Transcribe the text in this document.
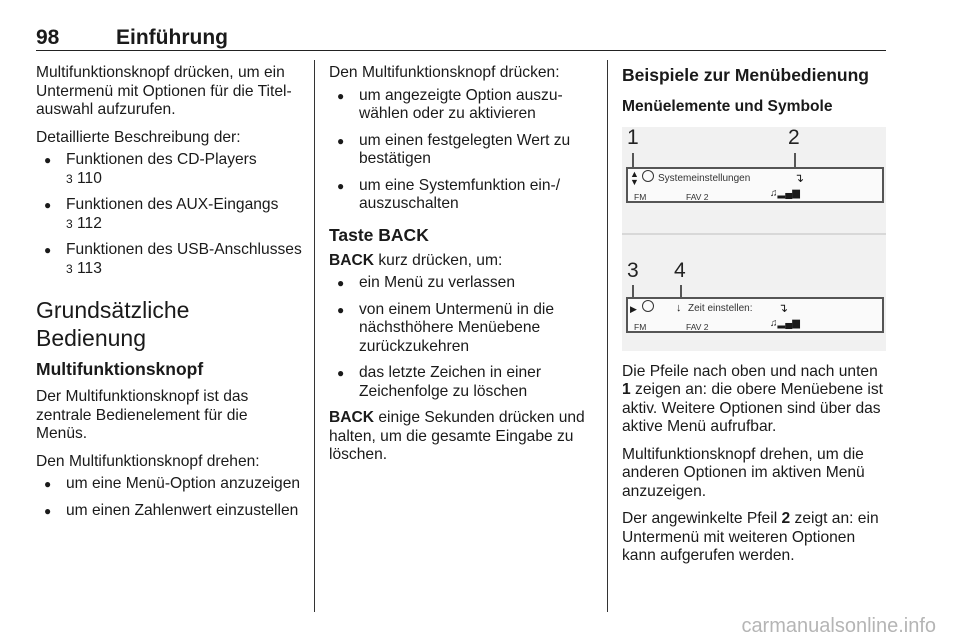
98	Einführung

Multifunktionsknopf drücken, um ein Untermenü mit Optionen für die Titelauswahl aufzurufen.

Detaillierte Beschreibung der:

● Funktionen des CD-Players
3 110
● Funktionen des AUX-Eingangs
3 112
● Funktionen des USB-Anschlusses 3 113
Grundsätzliche Bedienung
Multifunktionsknopf

Der Multifunktionsknopf ist das zentrale Bedienelement für die Menüs.

Den Multifunktionsknopf drehen:

● um eine Menü-Option anzuzeigen
● um einen Zahlenwert einzustellen

Den Multifunktionsknopf drücken:

● um angezeigte Option auszuwählen oder zu aktivieren
● um einen festgelegten Wert zu bestätigen
● um eine Systemfunktion ein-/ auszuschalten
Taste BACK

BACK kurz drücken, um:

● ein Menü zu verlassen
● von einem Untermenü in die nächsthöhere Menüebene zurückzukehren
● das letzte Zeichen in einer Zeichenfolge zu löschen

BACK einige Sekunden drücken und halten, um die gesamte Eingabe zu löschen.

Beispiele zur Menübedienung
Menüelemente und Symbole
1	2
3 4
▲
▼ Systemeinstellungen	↴
FM	FAV 2	♫▂▄▆
▶	↓ Zeit einstellen: ↴
FM	FAV 2	♫▂▄▆

Die Pfeile nach oben und nach unten 1 zeigen an: die obere Menüebene ist aktiv. Weitere Optionen sind über das aktive Menü aufrufbar.

Multifunktionsknopf drehen, um die anderen Optionen im aktiven Menü anzuzeigen.

Der angewinkelte Pfeil 2 zeigt an: ein Untermenü mit weiteren Optionen kann aufgerufen werden.

carmanualsonline.info
